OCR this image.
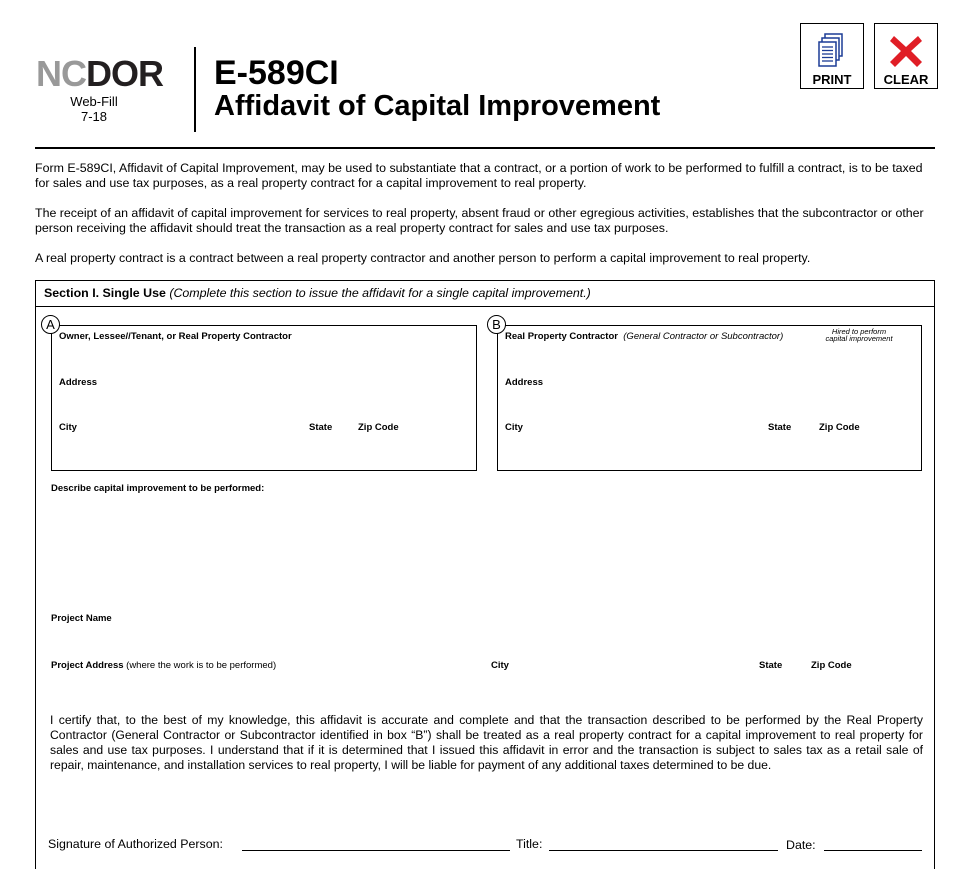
NCDOR
Web-Fill
7-18
E-589CI
Affidavit of Capital Improvement
PRINT	CLEAR
Form E-589CI, Affidavit of Capital Improvement, may be used to substantiate that a contract, or a portion of work to be performed to fulfill a contract, is to be taxed for sales and use tax purposes, as a real property contract for a capital improvement to real property.
The receipt of an affidavit of capital improvement for services to real property, absent fraud or other egregious activities, establishes that the subcontractor or other person receiving the affidavit should treat the transaction as a real property contract for sales and use tax purposes.
A real property contract is a contract between a real property contractor and another person to perform a capital improvement to real property.
Section I. Single Use (Complete this section to issue the affidavit for a single capital improvement.)
Owner, Lessee//Tenant, or Real Property Contractor
Address
City	State	Zip Code
A
Real Property Contractor (General Contractor or Subcontractor)	Hired to perform
capital improvement
Address
City	State	Zip Code
B
Describe capital improvement to be performed:
Project Name
Project Address (where the work is to be performed)	City	State	Zip Code
I certify that, to the best of my knowledge, this affidavit is accurate and complete and that the transaction described to be performed by the Real Property Contractor (General Contractor or Subcontractor identified in box “B”) shall be treated as a real property contract for a capital improvement to real property for sales and use tax purposes. I understand that if it is determined that I issued this affidavit in error and the transaction is subject to sales tax as a retail sale of repair, maintenance, and installation services to real property, I will be liable for payment of any additional taxes determined to be due.
Signature of Authorized Person:	Title:	Date:
